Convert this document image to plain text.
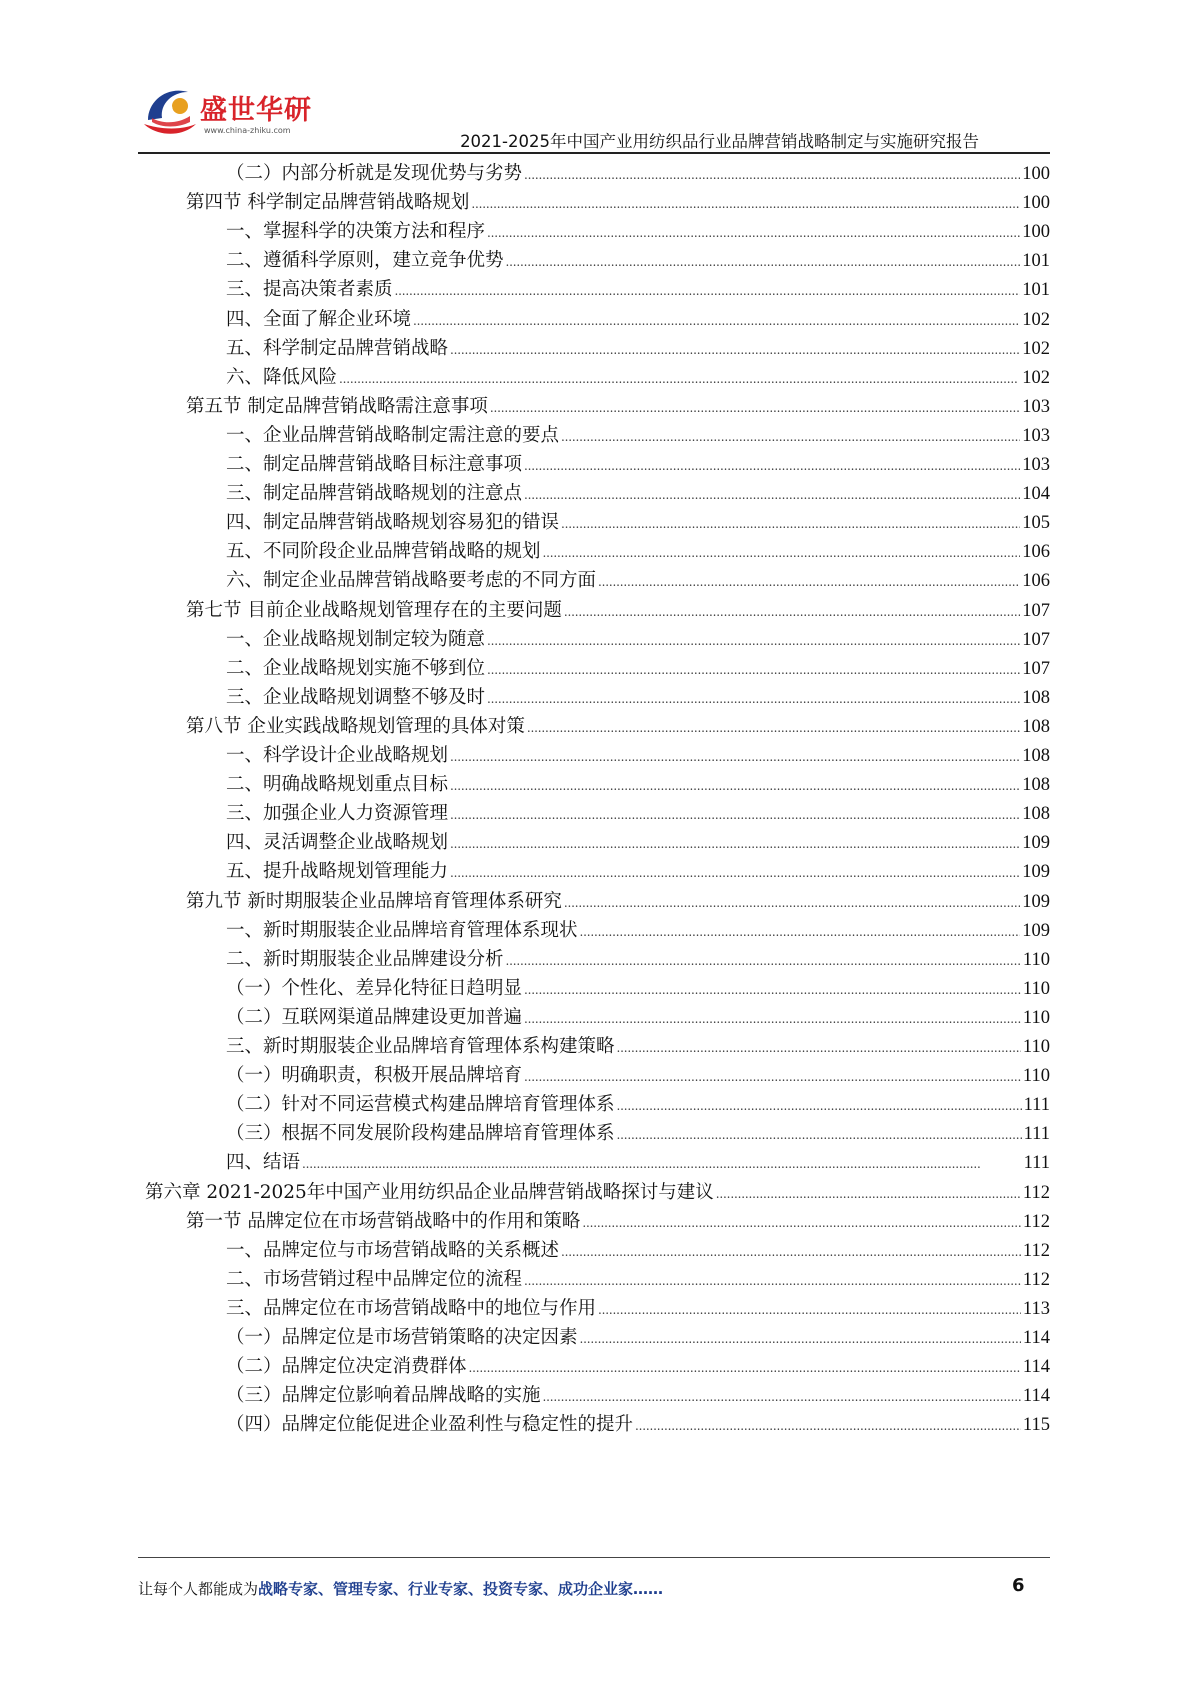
盛世华研
www.china-zhiku.com
2021-2025年中国产业用纺织品行业品牌营销战略制定与实施研究报告
（二）内部分析就是发现优势与劣势 . . .	100
第四节 科学制定品牌营销战略规划 . . .	100
一、掌握科学的决策方法和程序 . . .	100
二、遵循科学原则，建立竞争优势 . . .	101
三、提高决策者素质 . . .	101
四、全面了解企业环境 . . .	102
五、科学制定品牌营销战略 . . .	102
六、降低风险 . . .	102
第五节 制定品牌营销战略需注意事项 . . .	103
一、企业品牌营销战略制定需注意的要点 . . .	103
二、制定品牌营销战略目标注意事项 . . .	103
三、制定品牌营销战略规划的注意点 . . .	104
四、制定品牌营销战略规划容易犯的错误 . . .	105
五、不同阶段企业品牌营销战略的规划 . . .	106
六、制定企业品牌营销战略要考虑的不同方面 . . .	106
第七节 目前企业战略规划管理存在的主要问题 . . .	107
一、企业战略规划制定较为随意 . . .	107
二、企业战略规划实施不够到位 . . .	107
三、企业战略规划调整不够及时 . . .	108
第八节 企业实践战略规划管理的具体对策 . . .	108
一、科学设计企业战略规划 . . .	108
二、明确战略规划重点目标 . . .	108
三、加强企业人力资源管理 . . .	108
四、灵活调整企业战略规划 . . .	109
五、提升战略规划管理能力 . . .	109
第九节 新时期服装企业品牌培育管理体系研究 . . .	109
一、新时期服装企业品牌培育管理体系现状 . . .	109
二、新时期服装企业品牌建设分析 . . .	110
（一）个性化、差异化特征日趋明显 . . .	110
（二）互联网渠道品牌建设更加普遍 . . .	110
三、新时期服装企业品牌培育管理体系构建策略 . . .	110
（一）明确职责，积极开展品牌培育 . . .	110
（二）针对不同运营模式构建品牌培育管理体系 . . .	111
（三）根据不同发展阶段构建品牌培育管理体系 . . .	111
四、结语 . . .	111
第六章 2021-2025年中国产业用纺织品企业品牌营销战略探讨与建议 . . .	112
第一节 品牌定位在市场营销战略中的作用和策略 . . .	112
一、品牌定位与市场营销战略的关系概述 . . .	112
二、市场营销过程中品牌定位的流程 . . .	112
三、品牌定位在市场营销战略中的地位与作用 . . .	113
（一）品牌定位是市场营销策略的决定因素 . . .	114
（二）品牌定位决定消费群体 . . .	114
（三）品牌定位影响着品牌战略的实施 . . .	114
（四）品牌定位能促进企业盈利性与稳定性的提升 . . .	115
让每个人都能成为战略专家、管理专家、行业专家、投资专家、成功企业家……	6
